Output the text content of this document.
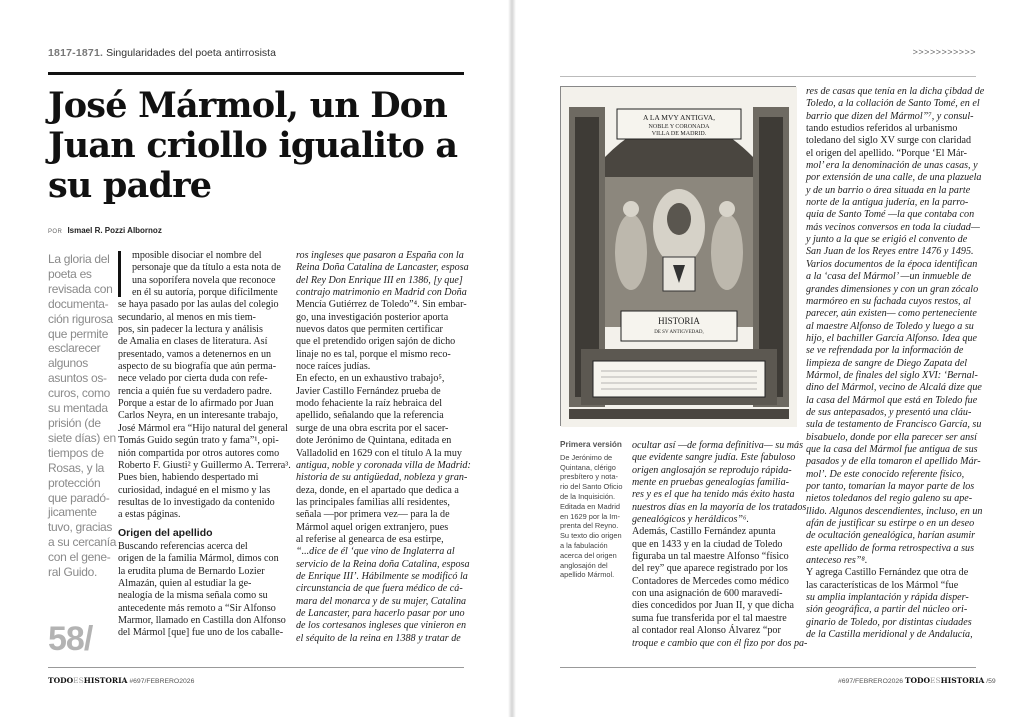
1817-1871. Singularidades del poeta antirrosista
José Mármol, un Don
Juan criollo igualito a
su padre
POR Ismael R. Pozzi Albornoz
La gloria del
poeta es
revisada con
documenta-
ción rigurosa
que permite
esclarecer
algunos
asuntos os-
curos, como
su mentada
prisión (de
siete días) en
tiempos de
Rosas, y la
protección
que paradó-
jicamente
tuvo, gracias
a su cercanía
con el gene-
ral Guido.
58/
mposible disociar el nombre del
personaje que da título a esta nota de
una soporífera novela que reconoce
en él su autoría, porque difícilmente
se haya pasado por las aulas del colegio
secundario, al menos en mis tiem-
pos, sin padecer la lectura y análisis
de Amalia en clases de literatura. Así
presentado, vamos a detenernos en un
aspecto de su biografía que aún perma-
nece velado por cierta duda con refe-
rencia a quién fue su verdadero padre.
Porque a estar de lo afirmado por Juan
Carlos Neyra, en un interesante trabajo,
José Mármol era “Hijo natural del general
Tomás Guido según trato y fama”¹, opi-
nión compartida por otros autores como
Roberto F. Giusti² y Guillermo A. Terrera³.
Pues bien, habiendo despertado mi
curiosidad, indagué en el mismo y las
resultas de lo investigado da contenido
a estas páginas.
Origen del apellido
Buscando referencias acerca del
origen de la familia Mármol, dimos con
la erudita pluma de Bernardo Lozier
Almazán, quien al estudiar la ge-
nealogía de la misma señala como su
antecedente más remoto a “Sir Alfonso
Marmor, llamado en Castilla don Alfonso
del Mármol [que] fue uno de los caballe-
ros ingleses que pasaron a España con la
Reina Doña Catalina de Lancaster, esposa
del Rey Don Enrique III en 1386, [y que]
contrajo matrimonio en Madrid con Doña
Mencía Gutiérrez de Toledo”⁴. Sin embar-
go, una investigación posterior aporta
nuevos datos que permiten certificar
que el pretendido origen sajón de dicho
linaje no es tal, porque el mismo reco-
noce raíces judías.
En efecto, en un exhaustivo trabajo⁵,
Javier Castillo Fernández prueba de
modo fehaciente la raíz hebraica del
apellido, señalando que la referencia
surge de una obra escrita por el sacer-
dote Jerónimo de Quintana, editada en
Valladolid en 1629 con el título A la muy
antigua, noble y coronada villa de Madrid:
historia de su antigüedad, nobleza y gran-
deza, donde, en el apartado que dedica a
las principales familias allí residentes,
señala —por primera vez— para la de
Mármol aquel origen extranjero, pues
al referise al genearca de esa estirpe,
“...dice de él ‘que vino de Inglaterra al
servicio de la Reina doña Catalina, esposa
de Enrique III’. Hábilmente se modificó la
circunstancia de que fuera médico de cá-
mara del monarca y de su mujer, Catalina
de Lancaster, para hacerlo pasar por uno
de los cortesanos ingleses que vinieron en
el séquito de la reina en 1388 y tratar de
TODOESHISTORIA #697/FEBRERO2026
>>>>>>>>>>>
A LA MVY ANTIGVA,
NOBLE Y CORONADA
VILLA DE MADRID.
HISTORIA
DE SV ANTIGVEDAD,
Primera versión
De Jerónimo de
Quintana, clérigo
presbítero y nota-
rio del Santo Oficio
de la Inquisición.
Editada en Madrid
en 1629 por la Im-
prenta del Reyno.
Su texto dio origen
a la fabulación
acerca del origen
anglosajón del
apellido Mármol.
ocultar así —de forma definitiva— su más
que evidente sangre judía. Este fabuloso
origen anglosajón se reprodujo rápida-
mente en pruebas genealogías familia-
res y es el que ha tenido más éxito hasta
nuestros días en la mayoría de los tratados
genealógicos y heráldicos”⁶.
Además, Castillo Fernández apunta
que en 1433 y en la ciudad de Toledo
figuraba un tal maestre Alfonso “físico
del rey” que aparece registrado por los
Contadores de Mercedes como médico
con una asignación de 600 maravedí-
dies concedidos por Juan II, y que dicha
suma fue transferida por el tal maestre
al contador real Alonso Álvarez “por
troque e cambio que con él fizo por dos pa-
res de casas que tenía en la dicha çibdad de
Toledo, a la collación de Santo Tomé, en el
barrio que dizen del Mármol”⁷, y consul-
tando estudios referidos al urbanismo
toledano del siglo XV surge con claridad
el origen del apellido. “Porque ‘El Már-
mol’ era la denominación de unas casas, y
por extensión de una calle, de una plazuela
y de un barrio o área situada en la parte
norte de la antigua judería, en la parro-
quia de Santo Tomé —la que contaba con
más vecinos conversos en toda la ciudad—
y junto a la que se erigió el convento de
San Juan de los Reyes entre 1476 y 1495.
Varios documentos de la época identifican
a la ‘casa del Mármol’ —un inmueble de
grandes dimensiones y con un gran zócalo
marmóreo en su fachada cuyos restos, al
parecer, aún existen— como perteneciente
al maestre Alfonso de Toledo y luego a su
hijo, el bachiller García Alfonso. Idea que
se ve refrendada por la información de
limpieza de sangre de Diego Zapata del
Mármol, de finales del siglo XVI: ‘Bernal-
dino del Mármol, vecino de Alcalá dize que
la casa del Mármol que está en Toledo fue
de sus antepasados, y presentó una cláu-
sula de testamento de Francisco García, su
bisabuelo, donde por ella parecer ser ansí
que la casa del Mármol fue antigua de sus
pasados y de ella tomaron el apellido Már-
mol’. De este conocido referente físico,
por tanto, tomarían la mayor parte de los
nietos toledanos del regio galeno su ape-
llido. Algunos descendientes, incluso, en un
afán de justificar su estirpe o en un deseo
de ocultación genealógica, harían asumir
este apellido de forma retrospectiva a sus
anteceso res”⁸.
Y agrega Castillo Fernández que otra de
las características de los Mármol “fue
su amplia implantación y rápida disper-
sión geográfica, a partir del núcleo ori-
ginario de Toledo, por distintas ciudades
de la Castilla meridional y de Andalucía,
#697/FEBRERO2026 TODOESHISTORIA /59
